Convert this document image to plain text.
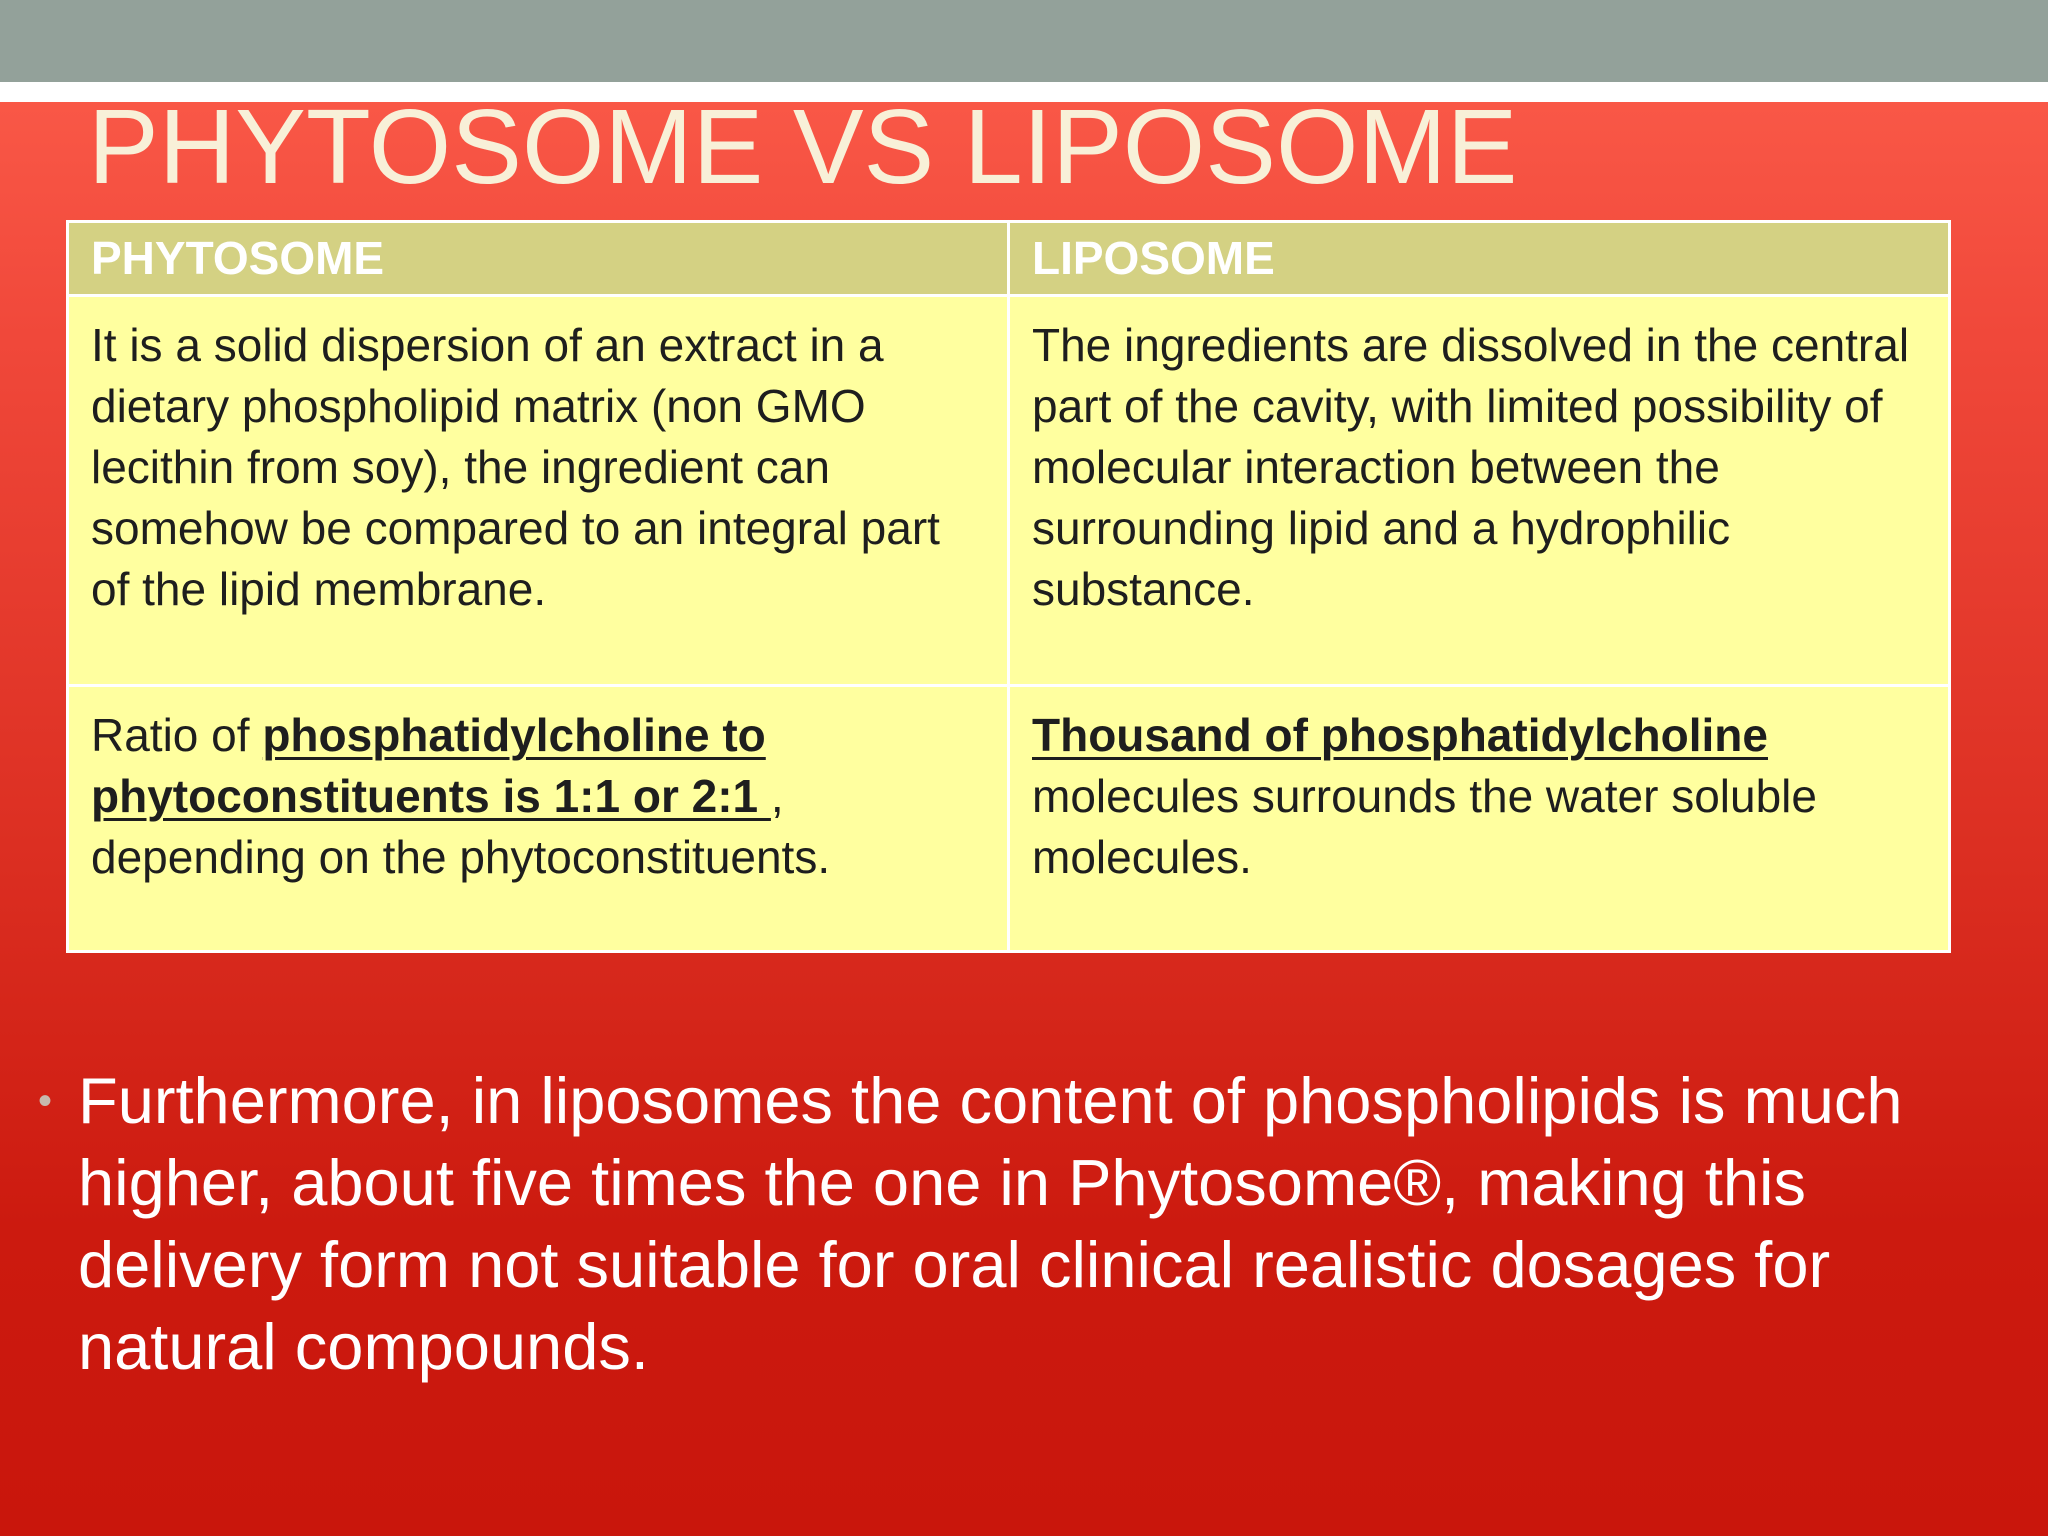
PHYTOSOME VS LIPOSOME
PHYTOSOME	LIPOSOME
It is a solid dispersion of an extract in a dietary phospholipid matrix (non GMO lecithin from soy), the ingredient can somehow be compared to an integral part of the lipid membrane.	The ingredients are dissolved in the central part of the cavity, with limited possibility of molecular interaction between the surrounding lipid and a hydrophilic substance.
Ratio of phosphatidylcholine to phytoconstituents is 1:1 or 2:1 , depending on the phytoconstituents.	Thousand of phosphatidylcholine molecules surrounds the water soluble molecules.
• Furthermore, in liposomes the content of phospholipids is much higher, about five times the one in Phytosome®, making this delivery form not suitable for oral clinical realistic dosages for natural compounds.
